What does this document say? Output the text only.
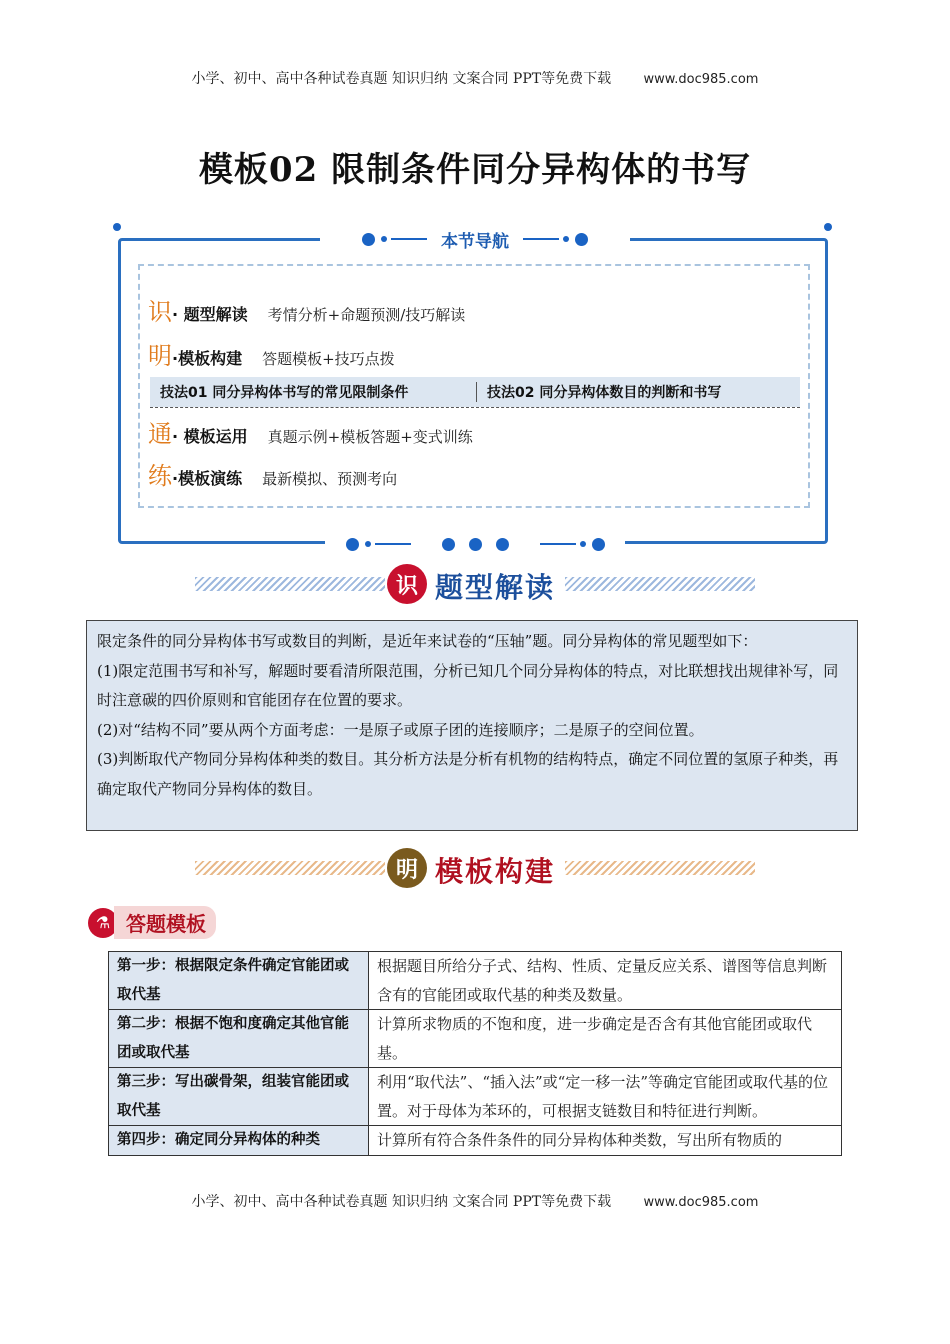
小学、初中、高中各种试卷真题 知识归纳 文案合同 PPT等免费下载 www.doc985.com
模板02 限制条件同分异构体的书写
本节导航
识 · 题型解读 考情分析+命题预测/技巧解读
明 ·模板构建 答题模板+技巧点拨
技法01 同分异构体书写的常见限制条件	技法02 同分异构体数目的判断和书写
通 · 模板运用 真题示例+模板答题+变式训练
练 ·模板演练 最新模拟、预测考向
识 题型解读

限定条件的同分异构体书写或数目的判断，是近年来试卷的“压轴”题。同分异构体的常见题型如下：

(1)限定范围书写和补写，解题时要看清所限范围，分析已知几个同分异构体的特点，对比联想找出规律补写，同时注意碳的四价原则和官能团存在位置的要求。

(2)对“结构不同”要从两个方面考虑：一是原子或原子团的连接顺序；二是原子的空间位置。

(3)判断取代产物同分异构体种类的数目。其分析方法是分析有机物的结构特点，确定不同位置的氢原子种类，再确定取代产物同分异构体的数目。

明 模板构建
⚗ 答题模板
第一步：根据限定条件确定官能团或取代基	根据题目所给分子式、结构、性质、定量反应关系、谱图等信息判断含有的官能团或取代基的种类及数量。
第二步：根据不饱和度确定其他官能团或取代基	计算所求物质的不饱和度，进一步确定是否含有其他官能团或取代基。
第三步：写出碳骨架，组装官能团或取代基	利用“取代法”、“插入法”或“定一移一法”等确定官能团或取代基的位置。对于母体为苯环的，可根据支链数目和特征进行判断。
第四步：确定同分异构体的种类	计算所有符合条件条件的同分异构体种类数，写出所有物质的
小学、初中、高中各种试卷真题 知识归纳 文案合同 PPT等免费下载 www.doc985.com
